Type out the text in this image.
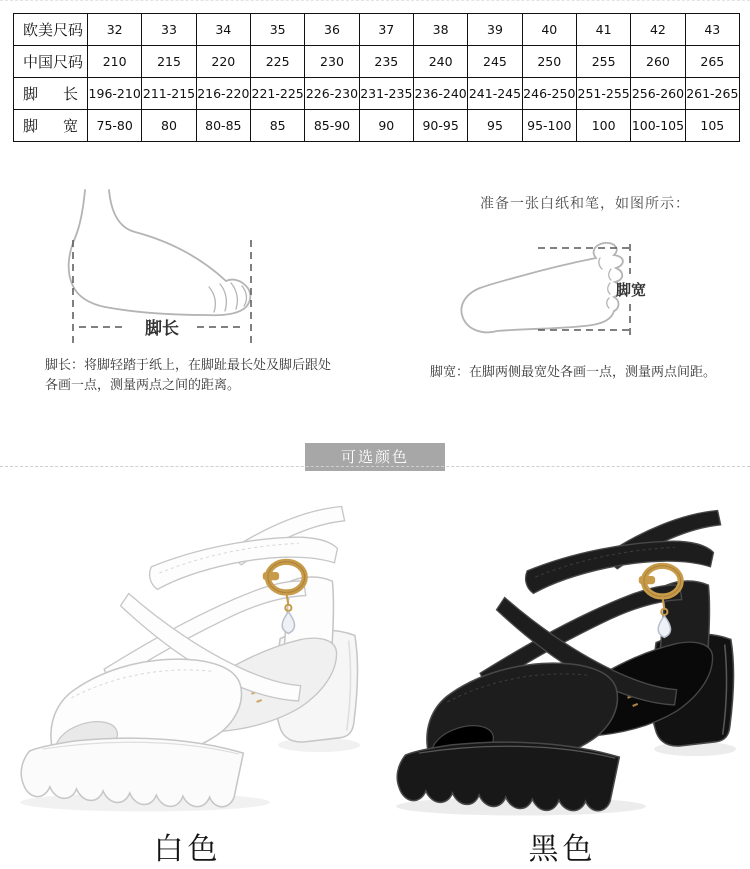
欧 美 尺 码	32	33	34	35	36	37	38	39	40	41	42	43

中 国 尺 码	210	215	220	225	230	235	240	245	250	255	260	265

脚 长	196-210	211-215	216-220	221-225	226-230	231-235	236-240	241-245	246-250	251-255	256-260	261-265

脚 宽	75-80	80	80-85	85	85-90	90	90-95	95	95-100	100	100-105	105
脚长
脚长：将脚轻踏于纸上，在脚趾最长处及脚后跟处各画一点，测量两点之间的距离。
准备一张白纸和笔，如图所示：
脚宽
脚宽：在脚两侧最宽处各画一点，测量两点间距。
可选颜色
白色	黑色
